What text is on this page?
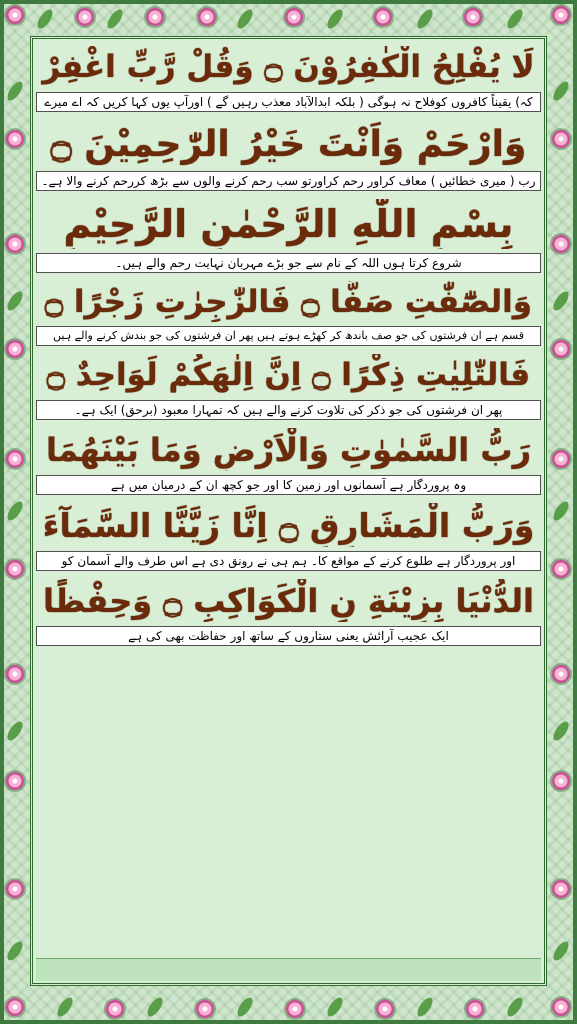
لَا يُفْلِحُ الْكٰفِرُوْنَ ۝ وَقُلْ رَّبِّ اغْفِرْ
کہ) یقیناً کافروں کوفلاح نہ ہوگی ( بلکہ ابدالآباد معذب رہیں گے ) اورآپ یوں کہا کریں کہ اے میرے
وَارْحَمْ وَاَنْتَ خَيْرُ الرّٰحِمِيْنَ ۝
رب ( میری خطائیں ) معاف کراور رحم کراورتو سب رحم کرنے والوں سے بڑھ کررحم کرنے والا ہے۔
بِسْمِ اللّٰهِ الرَّحْمٰنِ الرَّحِيْمِ
شروع کرتا ہوں اللہ کے نام سے جو بڑے مہربان نہایت رحم والے ہیں۔
وَالصّٰٓفّٰتِ صَفًّا ۝ فَالزّٰجِرٰتِ زَجْرًا ۝
قسم ہے ان فرشتوں کی جو صف باندھ کر کھڑے ہوتے ہیں پھر ان فرشتوں کی جو بندش کرنے والے ہیں
فَالتّٰلِيٰتِ ذِكْرًا ۝ اِنَّ اِلٰهَكُمْ لَوَاحِدٌ ۝
پھر ان فرشتوں کی جو ذکر کی تلاوت کرنے والے ہیں کہ تمہارا معبود (برحق) ایک ہے۔
رَبُّ السَّمٰوٰتِ وَالْاَرْضِ وَمَا بَيْنَهُمَا
وہ پروردگار ہے آسمانوں اور زمین کا اور جو کچھ ان کے درمیان میں ہے
وَرَبُّ الْمَشَارِقِ ۝ اِنَّا زَيَّنَّا السَّمَآءَ
اور پروردگار ہے طلوع کرنے کے مواقع کا۔ ہم ہی نے رونق دی ہے اس طرف والے آسمان کو
الدُّنْيَا بِزِيْنَةِ نِ الْكَوَاكِبِ ۝ وَحِفْظًا
ایک عجیب آرائش یعنی ستاروں کے ساتھ اور حفاظت بھی کی ہے
